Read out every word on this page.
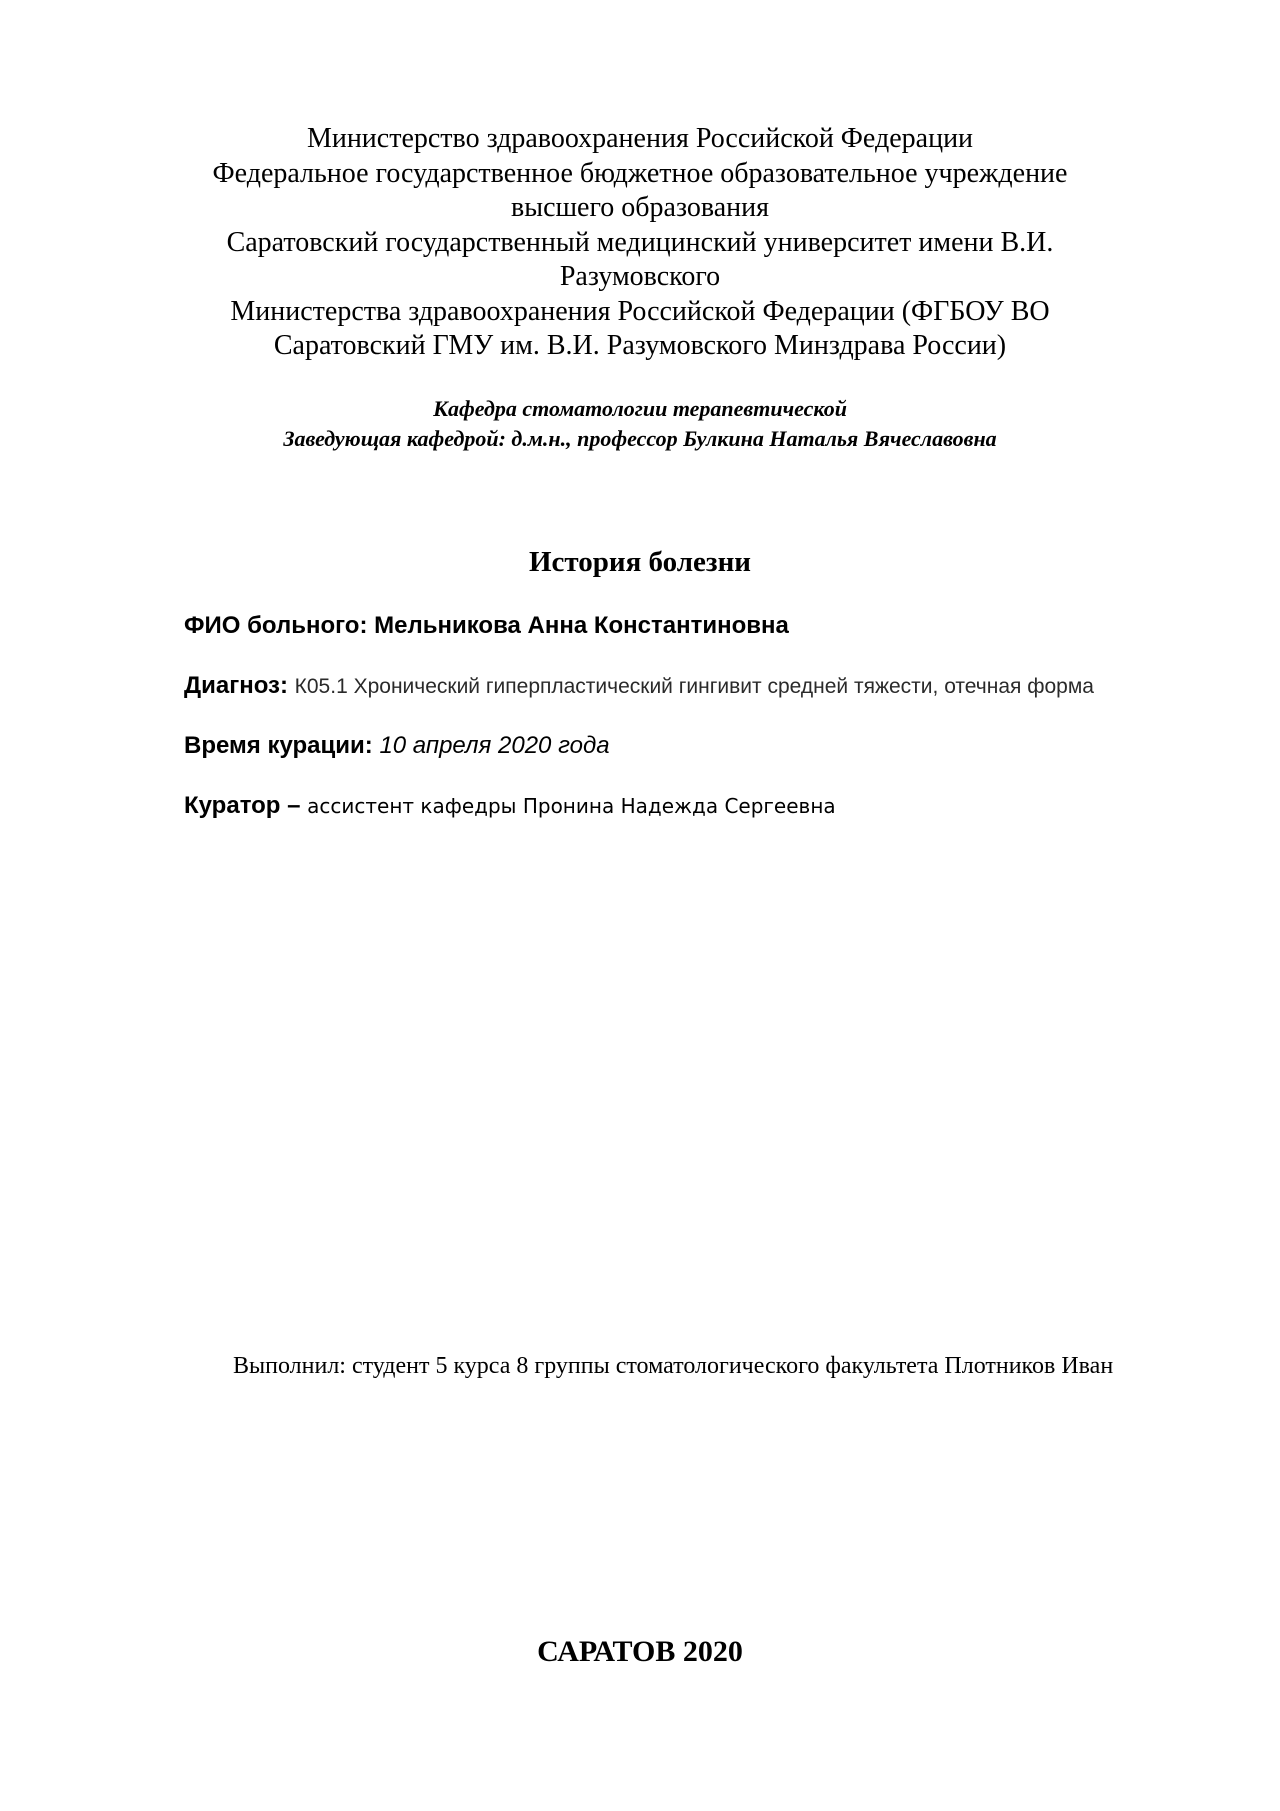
Министерство здравоохранения Российской Федерации
Федеральное государственное бюджетное образовательное учреждение
высшего образования
Саратовский государственный медицинский университет имени В.И.
Разумовского
Министерства здравоохранения Российской Федерации (ФГБОУ ВО
Саратовский ГМУ им. В.И. Разумовского Минздрава России)
Кафедра стоматологии терапевтической
Заведующая кафедрой: д.м.н., профессор Булкина Наталья Вячеславовна
История болезни
ФИО больного: Мельникова Анна Константиновна
Диагноз: К05.1 Хронический гиперпластический гингивит средней тяжести, отечная форма
Время курации: 10 апреля 2020 года
Куратор – ассистент кафедры Пронина Надежда Сергеевна
Выполнил: студент 5 курса 8 группы стоматологического факультета Плотников Иван
САРАТОВ 2020
